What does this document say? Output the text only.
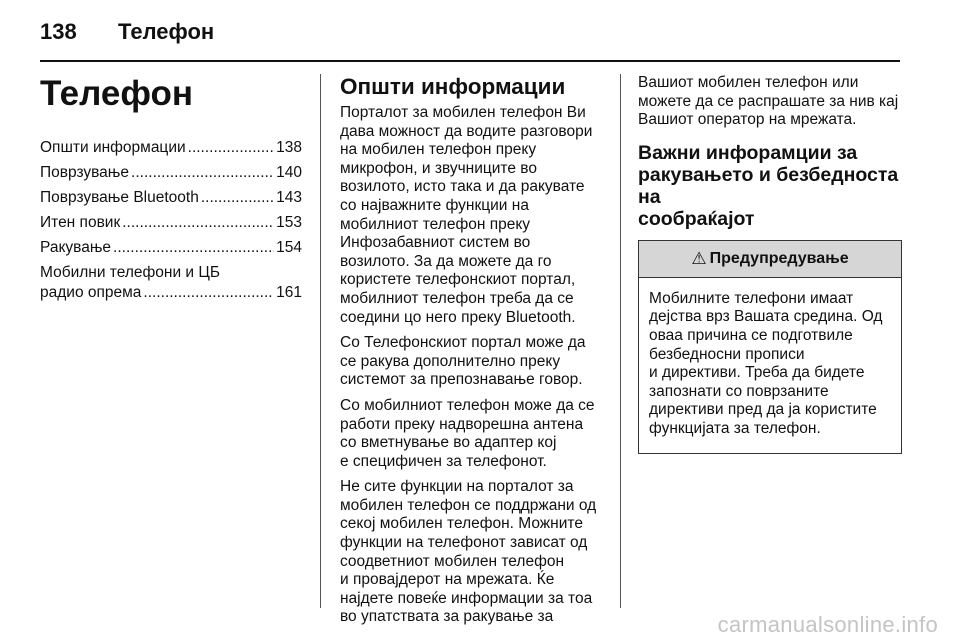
138 Телефон
Телефон
Општи информации .....	138
Поврзување .....	140
Поврзување Bluetooth .....	143
Итен повик .....	153
Ракување .....	154
Мобилни телефони и ЦБ
радио опрема .....	161
Општи информации

Порталот за мобилен телефон Ви
дава можност да водите разговори
на мобилен телефон преку
микрофон, и звучниците во
возилото, исто така и да ракувате
со најважните функции на
мобилниот телефон преку
Инфозабавниот систем во
возилото. За да можете да го
користете телефонскиот портал,
мобилниот телефон треба да се
соедини цо него преку Bluetooth.

Со Телефонскиот портал може да
се ракува дополнително преку
системот за препознавање говор.

Со мобилниот телефон може да се
работи преку надворешна антена
со вметнување во адаптер кој
е специфичен за телефонот.

Не сите функции на порталот за
мобилен телефон се поддржани од
секој мобилен телефон. Можните
функции на телефонот зависат од
соодветниот мобилен телефон
и провајдерот на мрежата. Ќе
најдете повеќе информации за тоа
во упатствата за ракување за

Вашиот мобилен телефон или
можете да се распрашате за нив кај
Вашиот оператор на мрежата.

Важни инфорамции за
ракувањето и безбедноста на
сообраќајот
⚠ Предупредување

Мобилните телефони имаат
дејства врз Вашата средина. Од
оваа причина се подготвиле
безбедносни прописи
и директиви. Треба да бидете
запознати со поврзаните
директиви пред да ја користите
функцијата за телефон.

carmanualsonline.info
